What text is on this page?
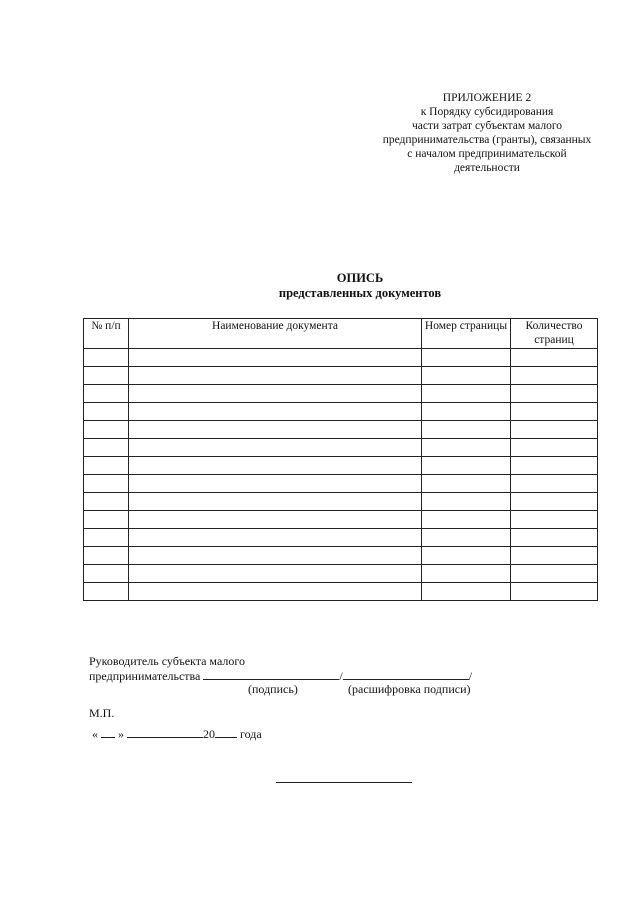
ПРИЛОЖЕНИЕ 2
к Порядку субсидирования
части затрат субъектам малого
предпринимательства (гранты), связанных
с началом предпринимательской
деятельности
ОПИСЬ
представленных документов
№ п/п	Наименование документа	Номер страницы	Количество страниц

Руководитель субъекта малого
предпринимательства	/	/
(подпись)	(расшифровка подписи)
М.П.
« »	20 года
